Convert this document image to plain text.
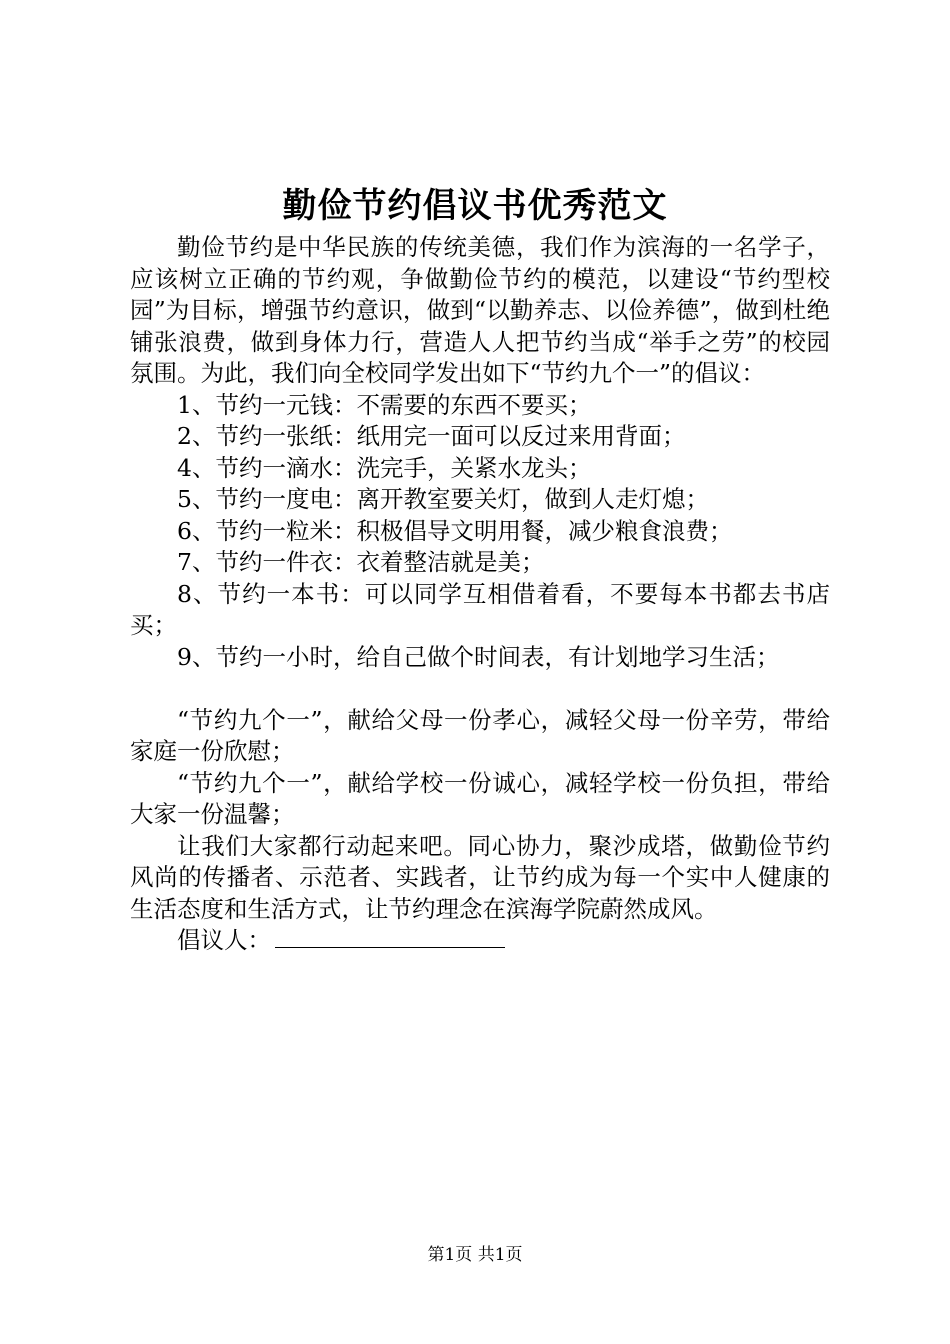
勤俭节约倡议书优秀范文

勤俭节约是中华民族的传统美德，我们作为滨海的一名学子，应该树立正确的节约观，争做勤俭节约的模范，以建设“节约型校园”为目标，增强节约意识，做到“以勤养志、以俭养德”，做到杜绝铺张浪费，做到身体力行，营造人人把节约当成“举手之劳”的校园氛围。为此，我们向全校同学发出如下“节约九个一”的倡议：

1、节约一元钱：不需要的东西不要买；

2、节约一张纸：纸用完一面可以反过来用背面；

4、节约一滴水：洗完手，关紧水龙头；

5、节约一度电：离开教室要关灯，做到人走灯熄；

6、节约一粒米：积极倡导文明用餐，减少粮食浪费；

7、节约一件衣：衣着整洁就是美；

8、节约一本书：可以同学互相借着看，不要每本书都去书店买；

9、节约一小时，给自己做个时间表，有计划地学习生活；

“节约九个一”，献给父母一份孝心，减轻父母一份辛劳，带给家庭一份欣慰；

“节约九个一”，献给学校一份诚心，减轻学校一份负担，带给大家一份温馨；

让我们大家都行动起来吧。同心协力，聚沙成塔，做勤俭节约风尚的传播者、示范者、实践者，让节约成为每一个实中人健康的生活态度和生活方式，让节约理念在滨海学院蔚然成风。

倡议人：

第1页 共1页
